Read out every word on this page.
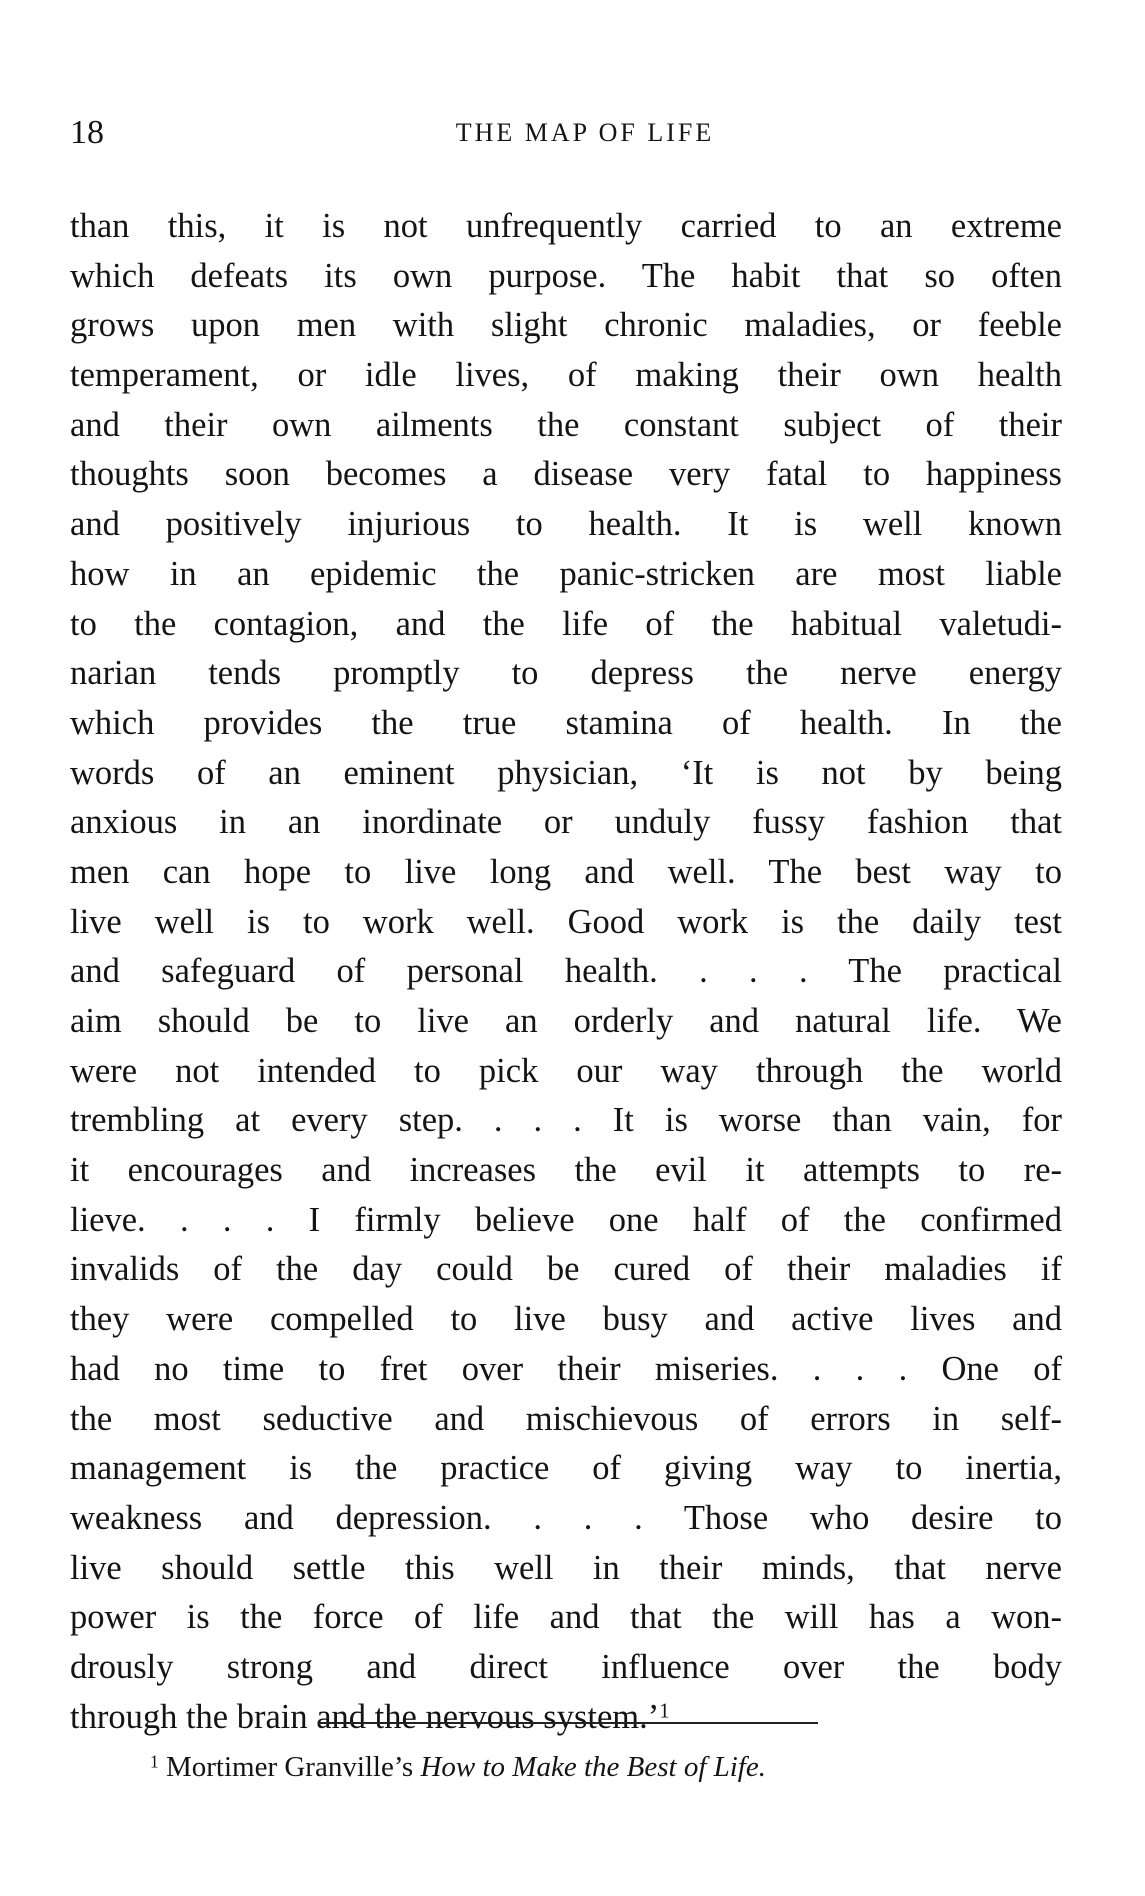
18	THE MAP OF LIFE
than this, it is not unfrequently carried to an extreme
which defeats its own purpose. The habit that so often
grows upon men with slight chronic maladies, or feeble
temperament, or idle lives, of making their own health
and their own ailments the constant subject of their
thoughts soon becomes a disease very fatal to happiness
and positively injurious to health. It is well known
how in an epidemic the panic-stricken are most liable
to the contagion, and the life of the habitual valetudi-
narian tends promptly to depress the nerve energy
which provides the true stamina of health. In the
words of an eminent physician, ‘It is not by being
anxious in an inordinate or unduly fussy fashion that
men can hope to live long and well. The best way to
live well is to work well. Good work is the daily test
and safeguard of personal health. . . . The practical
aim should be to live an orderly and natural life. We
were not intended to pick our way through the world
trembling at every step. . . . It is worse than vain, for
it encourages and increases the evil it attempts to re-
lieve. . . . I firmly believe one half of the confirmed
invalids of the day could be cured of their maladies if
they were compelled to live busy and active lives and
had no time to fret over their miseries. . . . One of
the most seductive and mischievous of errors in self-
management is the practice of giving way to inertia,
weakness and depression. . . . Those who desire to
live should settle this well in their minds, that nerve
power is the force of life and that the will has a won-
drously strong and direct influence over the body
through the brain and the nervous system.’$^1$
$^1$ Mortimer Granville’s How to Make the Best of Life.
